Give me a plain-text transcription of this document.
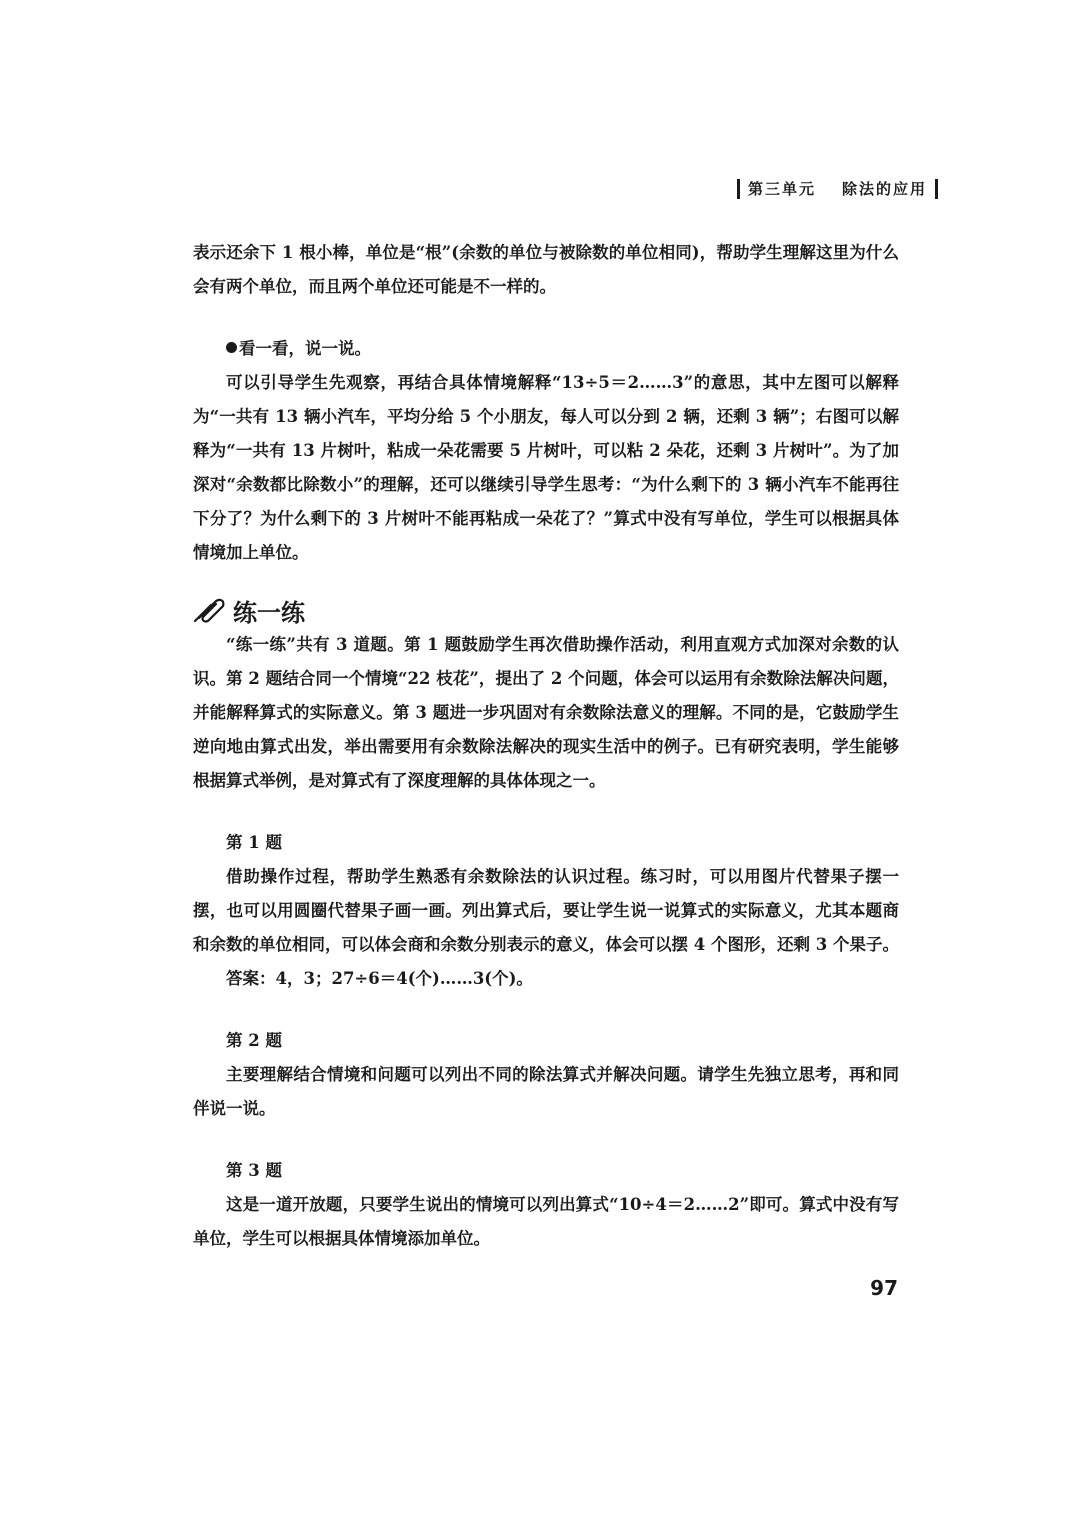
第三单元 除法的应用

表示还余下 1 根小棒，单位是“根”(余数的单位与被除数的单位相同)，帮助学生理解这里为什么会有两个单位，而且两个单位还可能是不一样的。

看一看，说一说。

可以引导学生先观察，再结合具体情境解释“13÷5＝2……3”的意思，其中左图可以解释为“一共有 13 辆小汽车，平均分给 5 个小朋友，每人可以分到 2 辆，还剩 3 辆”；右图可以解释为“一共有 13 片树叶，粘成一朵花需要 5 片树叶，可以粘 2 朵花，还剩 3 片树叶”。为了加深对“余数都比除数小”的理解，还可以继续引导学生思考：“为什么剩下的 3 辆小汽车不能再往下分了？为什么剩下的 3 片树叶不能再粘成一朵花了？”算式中没有写单位，学生可以根据具体情境加上单位。

练一练

“练一练”共有 3 道题。第 1 题鼓励学生再次借助操作活动，利用直观方式加深对余数的认识。第 2 题结合同一个情境“22 枝花”，提出了 2 个问题，体会可以运用有余数除法解决问题，并能解释算式的实际意义。第 3 题进一步巩固对有余数除法意义的理解。不同的是，它鼓励学生逆向地由算式出发，举出需要用有余数除法解决的现实生活中的例子。已有研究表明，学生能够根据算式举例，是对算式有了深度理解的具体体现之一。

第 1 题

借助操作过程，帮助学生熟悉有余数除法的认识过程。练习时，可以用图片代替果子摆一摆，也可以用圆圈代替果子画一画。列出算式后，要让学生说一说算式的实际意义，尤其本题商和余数的单位相同，可以体会商和余数分别表示的意义，体会可以摆 4 个图形，还剩 3 个果子。

答案：4，3；27÷6＝4(个)……3(个)。

第 2 题

主要理解结合情境和问题可以列出不同的除法算式并解决问题。请学生先独立思考，再和同伴说一说。

第 3 题

这是一道开放题，只要学生说出的情境可以列出算式“10÷4＝2……2”即可。算式中没有写单位，学生可以根据具体情境添加单位。

97
